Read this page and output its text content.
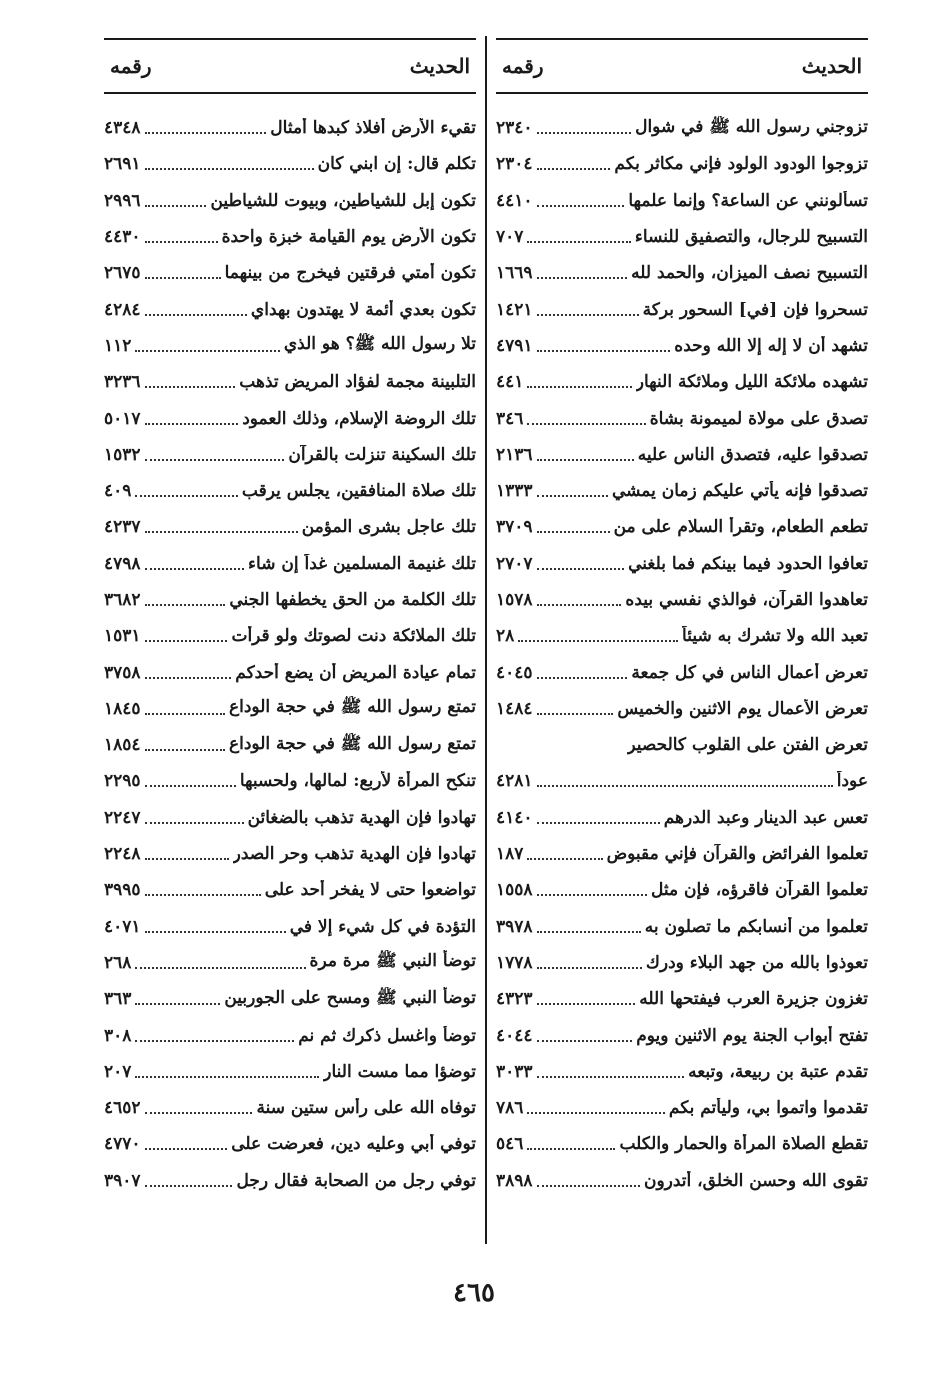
الحديث
رقمه
تزوجني رسول الله ﷺ في شوال
٢٣٤٠
تزوجوا الودود الولود فإني مكاثر بكم
٢٣٠٤
تسألونني عن الساعة؟ وإنما علمها
٤٤١٠
التسبيح للرجال، والتصفيق للنساء
٧٠٧
التسبيح نصف الميزان، والحمد لله
١٦٦٩
تسحروا فإن [في] السحور بركة
١٤٢١
تشهد أن لا إله إلا الله وحده
٤٧٩١
تشهده ملائكة الليل وملائكة النهار
٤٤١
تصدق على مولاة لميمونة بشاة
٣٤٦
تصدقوا عليه، فتصدق الناس عليه
٢١٣٦
تصدقوا فإنه يأتي عليكم زمان يمشي
١٣٣٣
تطعم الطعام، وتقرأ السلام على من
٣٧٠٩
تعافوا الحدود فيما بينكم فما بلغني
٢٧٠٧
تعاهدوا القرآن، فوالذي نفسي بيده
١٥٧٨
تعبد الله ولا تشرك به شيئاً
٢٨
تعرض أعمال الناس في كل جمعة
٤٠٤٥
تعرض الأعمال يوم الاثنين والخميس
١٤٨٤
تعرض الفتن على القلوب كالحصير
عوداً
٤٢٨١
تعس عبد الدينار وعبد الدرهم
٤١٤٠
تعلموا الفرائض والقرآن فإني مقبوض
١٨٧
تعلموا القرآن فاقرؤه، فإن مثل
١٥٥٨
تعلموا من أنسابكم ما تصلون به
٣٩٧٨
تعوذوا بالله من جهد البلاء ودرك
١٧٧٨
تغزون جزيرة العرب فيفتحها الله
٤٣٢٣
تفتح أبواب الجنة يوم الاثنين ويوم
٤٠٤٤
تقدم عتبة بن ربيعة، وتبعه
٣٠٣٣
تقدموا واتموا بي، وليأتم بكم
٧٨٦
تقطع الصلاة المرأة والحمار والكلب
٥٤٦
تقوى الله وحسن الخلق، أتدرون
٣٨٩٨
الحديث
رقمه
تقيء الأرض أفلاذ كبدها أمثال
٤٣٤٨
تكلم قال: إن ابني كان
٢٦٩١
تكون إبل للشياطين، وبيوت للشياطين
٢٩٩٦
تكون الأرض يوم القيامة خبزة واحدة
٤٤٣٠
تكون أمتي فرقتين فيخرج من بينهما
٢٦٧٥
تكون بعدي أئمة لا يهتدون بهداي
٤٢٨٤
تلا رسول الله ﷺ؟ هو الذي
١١٢
التلبينة مجمة لفؤاد المريض تذهب
٣٢٣٦
تلك الروضة الإسلام، وذلك العمود
٥٠١٧
تلك السكينة تنزلت بالقرآن
١٥٣٢
تلك صلاة المنافقين، يجلس يرقب
٤٠٩
تلك عاجل بشرى المؤمن
٤٢٣٧
تلك غنيمة المسلمين غداً إن شاء
٤٧٩٨
تلك الكلمة من الحق يخطفها الجني
٣٦٨٢
تلك الملائكة دنت لصوتك ولو قرأت
١٥٣١
تمام عيادة المريض أن يضع أحدكم
٣٧٥٨
تمتع رسول الله ﷺ في حجة الوداع
١٨٤٥
تمتع رسول الله ﷺ في حجة الوداع
١٨٥٤
تنكح المرأة لأربع: لمالها، ولحسبها
٢٢٩٥
تهادوا فإن الهدية تذهب بالضغائن
٢٢٤٧
تهادوا فإن الهدية تذهب وحر الصدر
٢٢٤٨
تواضعوا حتى لا يفخر أحد على
٣٩٩٥
التؤدة في كل شيء إلا في
٤٠٧١
توضأ النبي ﷺ مرة مرة
٢٦٨
توضأ النبي ﷺ ومسح على الجوربين
٣٦٣
توضأ واغسل ذكرك ثم نم
٣٠٨
توضؤا مما مست النار
٢٠٧
توفاه الله على رأس ستين سنة
٤٦٥٢
توفي أبي وعليه دين، فعرضت على
٤٧٧٠
توفي رجل من الصحابة فقال رجل
٣٩٠٧
٤٦٥
